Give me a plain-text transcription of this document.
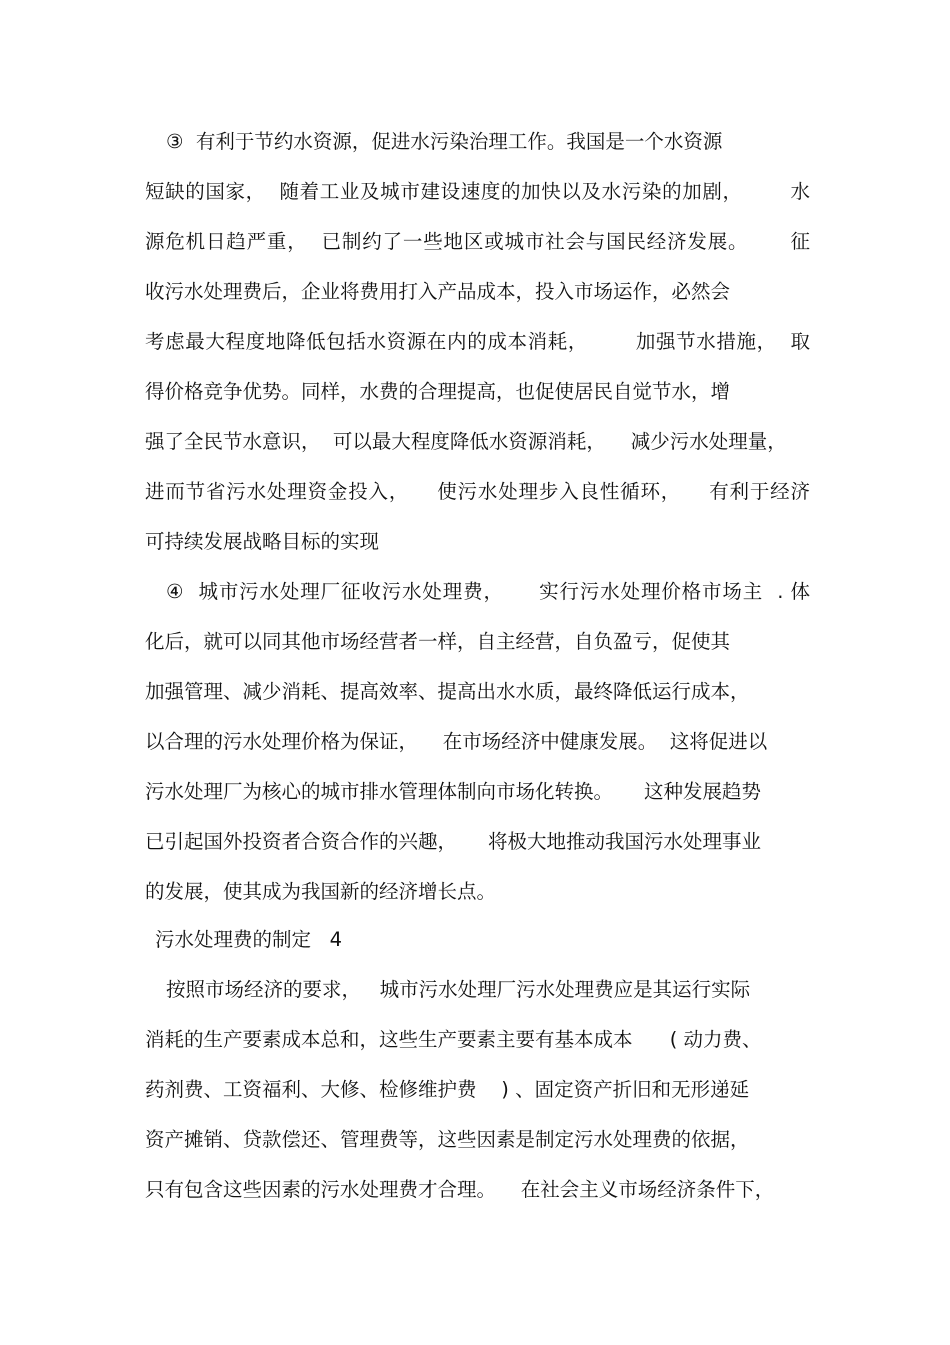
③  有利于节约水资源，促进水污染治理工作。我国是一个水资源
短缺的国家，  随着工业及城市建设速度的加快以及水污染的加剧，       水
源危机日趋严重，  已制约了一些地区或城市社会与国民经济发展。      征
收污水处理费后，企业将费用打入产品成本，投入市场运作，必然会
考虑最大程度地降低包括水资源在内的成本消耗，       加强节水措施，  取
得价格竞争优势。同样，水费的合理提高，也促使居民自觉节水，增
强了全民节水意识，  可以最大程度降低水资源消耗，    减少污水处理量，
进而节省污水处理资金投入，    使污水处理步入良性循环，    有利于经济
可持续发展战略目标的实现
④  城市污水处理厂征收污水处理费，     实行污水处理价格市场主  . 体
化后，就可以同其他市场经营者一样，自主经营，自负盈亏，促使其
加强管理、减少消耗、提高效率、提高出水水质，最终降低运行成本，
以合理的污水处理价格为保证，    在市场经济中健康发展。  这将促进以
污水处理厂为核心的城市排水管理体制向市场化转换。     这种发展趋势
已引起国外投资者合资合作的兴趣，     将极大地推动我国污水处理事业
的发展，使其成为我国新的经济增长点。
污水处理费的制定   4
按照市场经济的要求，   城市污水处理厂污水处理费应是其运行实际
消耗的生产要素成本总和，这些生产要素主要有基本成本      ( 动力费、
药剂费、工资福利、大修、检修维护费    ) 、固定资产折旧和无形递延
资产摊销、贷款偿还、管理费等，这些因素是制定污水处理费的依据，
只有包含这些因素的污水处理费才合理。    在社会主义市场经济条件下，
